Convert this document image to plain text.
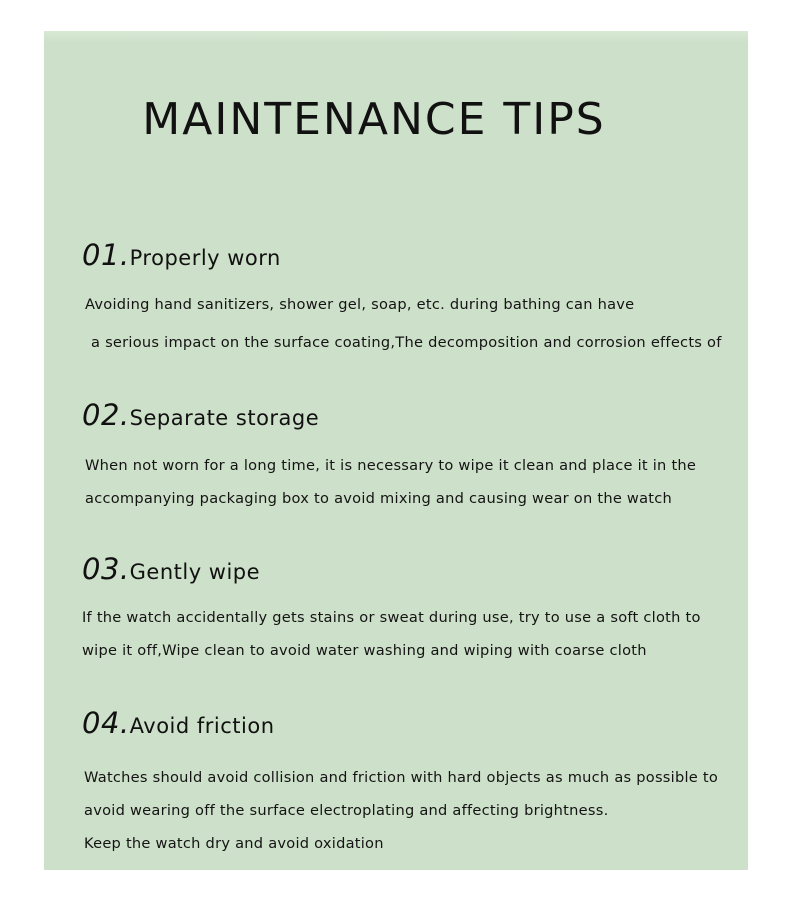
MAINTENANCE TIPS
01.Properly worn

Avoiding hand sanitizers, shower gel, soap, etc. during bathing can have

a serious impact on the surface coating,The decomposition and corrosion effects of

02.Separate storage

When not worn for a long time, it is necessary to wipe it clean and place it in the

accompanying packaging box to avoid mixing and causing wear on the watch

03.Gently wipe

If the watch accidentally gets stains or sweat during use, try to use a soft cloth to

wipe it off,Wipe clean to avoid water washing and wiping with coarse cloth

04.Avoid friction

Watches should avoid collision and friction with hard objects as much as possible to

avoid wearing off the surface electroplating and affecting brightness.

Keep the watch dry and avoid oxidation
